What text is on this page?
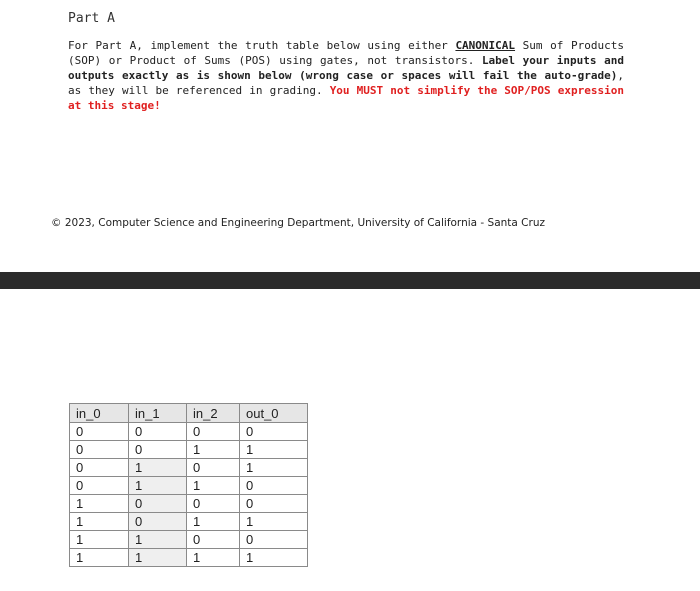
Part A
For Part A, implement the truth table below using either CANONICAL Sum of Products (SOP) or Product of Sums (POS) using gates, not transistors. Label your inputs and outputs exactly as is shown below (wrong case or spaces will fail the auto-grade), as they will be referenced in grading. You MUST not simplify the SOP/POS expression at this stage!
© 2023, Computer Science and Engineering Department, University of California - Santa Cruz
in_0	in_1	in_2	out_0
0	0	0	0
0	0	1	1
0	1	0	1
0	1	1	0
1	0	0	0
1	0	1	1
1	1	0	0
1	1	1	1
